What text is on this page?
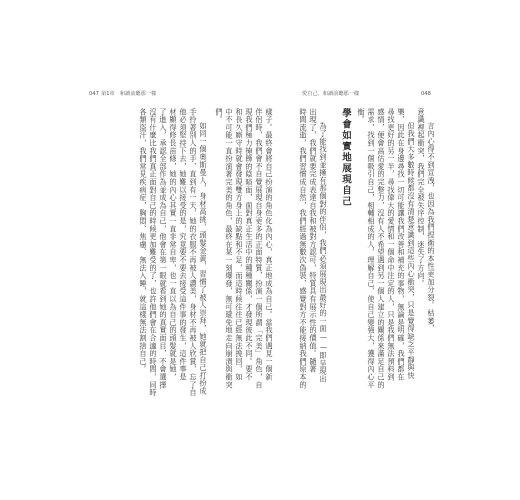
047 第1章　和讀前聽那一樣	愛自己，和讀前聽那一樣	048
言內心得不到宣洩，也因為我們捏衛的本性更加分裂。枯萎，
意識裡起衝突，我們完全被失序控制，迷失了方向。
但我們大多數時候都沒有清楚意識到這些內心衝突，只是覺得缺乏平靜與快
樂，因此在身邊尋找一切可能讓我們改善和補充的事物，無論是明確，我們都在
尋找更好的另一半，尋找偉大的愛情和一個命中注定的人，只是我們無法預料到
感情，便會高估愛的完整力，沒有人不希望遇到另一個人建立的關係來滿足自己的
需求，找到一個吸引自己，相輔相成的人，理解自己，使自己變強大，獲得內心平
衡。
學會如實地展現自己
為了能找到並擁有那個對的伴侶，我們必須展現出最好的一面——即呈現出
出現了，我們就要完成表達自我和被對方認可，特質具有展示性的價值。隨著
時間流逝，我們習慣成自然，我們經過無數次偽裝，感覺對方不能接納我們原本的
樣子。最終會將自己扮演的角色化為內心，真正地成為自己。當我們遇見一個新
伴侶時，我們會不自覺展現自身更多的正面特質，扮演一個所謂「完美」角色，自
現我們極力掩飾的陰暗面，面對真正生活中的種種關係，才發現彼此不同。要不
和長久廝守時就會發現雙方身上的缺點和不足，而這時候往往已經無法挽回，如
中不可能一直扮演著完美的角色，最終在某一刻爆發，無可避免地走向崩潰與衝突
們。
如同一個奧斯曼人，身材高挑，頭髮金黃，習慣了被人崇拜，她就把自己打扮成
手拎著別人的手，直到有一天，她的衣服不再被人讚美，身材不再被人欣賞，忘了自
他必須堅持下去，她難以接受的是，究竟要不要去接受這件事的發生，這件事是
材顯得修長苗條，她的內心其實一直非常自卑，也一直以為自己的頭髮就是她，
了進入，承認全部作為並成為自己，他會在第一眼就看到她的真實面目，不會選擇
沒有什麼比我們真正面對自己的時候更加難受的了，也許他們會在合適的時間，同時
各類盜汗，我們常見疾病症，胸悶、焦慮、無法入睡，就這樣無法割捨自己。
